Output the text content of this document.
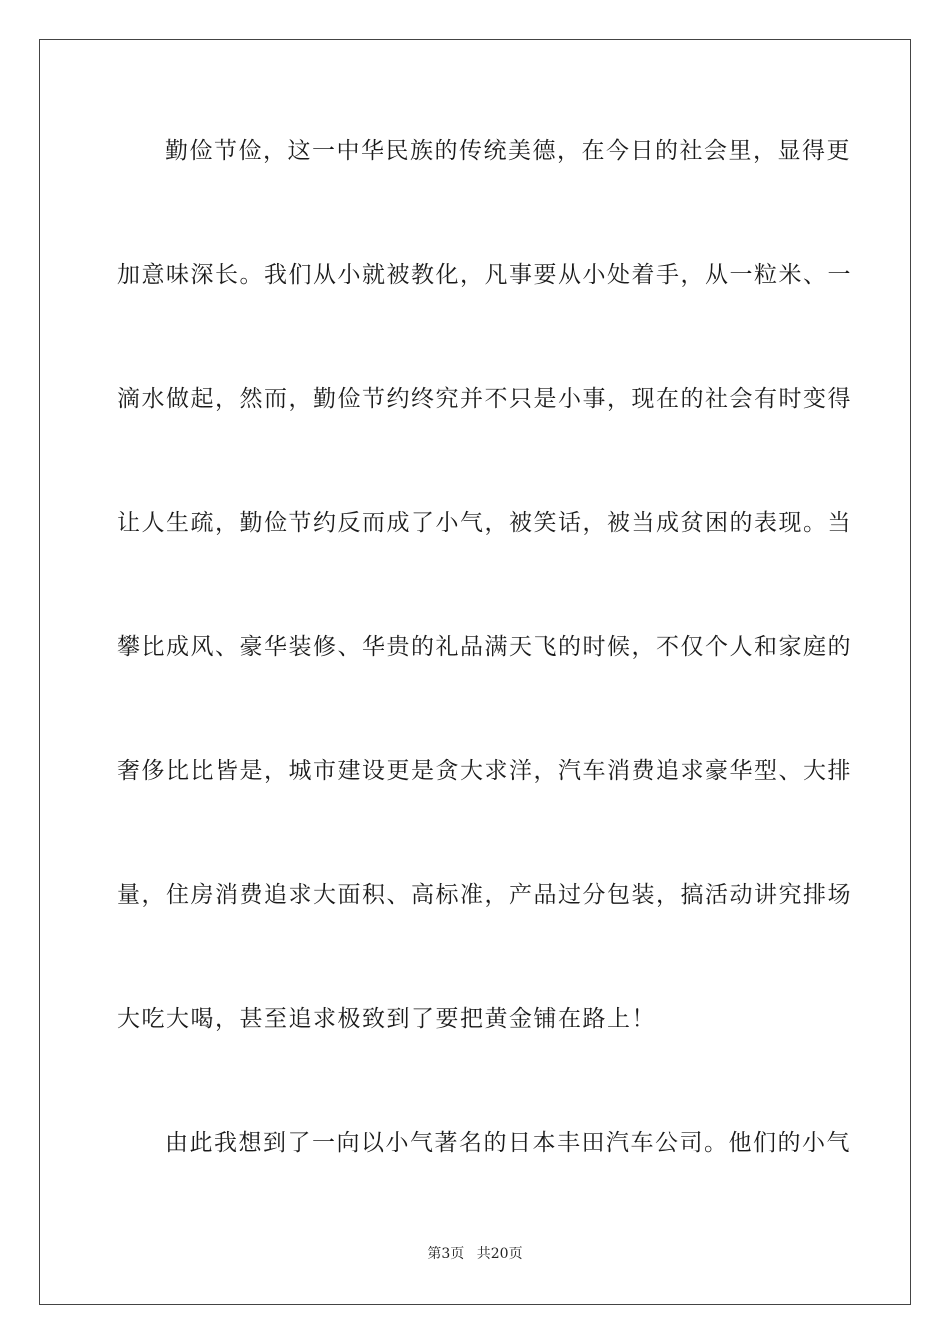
勤俭节俭，这一中华民族的传统美德，在今日的社会里，显得更
加意味深长。我们从小就被教化，凡事要从小处着手，从一粒米、一
滴水做起，然而，勤俭节约终究并不只是小事，现在的社会有时变得
让人生疏，勤俭节约反而成了小气，被笑话，被当成贫困的表现。当
攀比成风、豪华装修、华贵的礼品满天飞的时候，不仅个人和家庭的
奢侈比比皆是，城市建设更是贪大求洋，汽车消费追求豪华型、大排
量，住房消费追求大面积、高标准，产品过分包装，搞活动讲究排场
大吃大喝，甚至追求极致到了要把黄金铺在路上！
由此我想到了一向以小气著名的日本丰田汽车公司。他们的小气
第3页 共20页
